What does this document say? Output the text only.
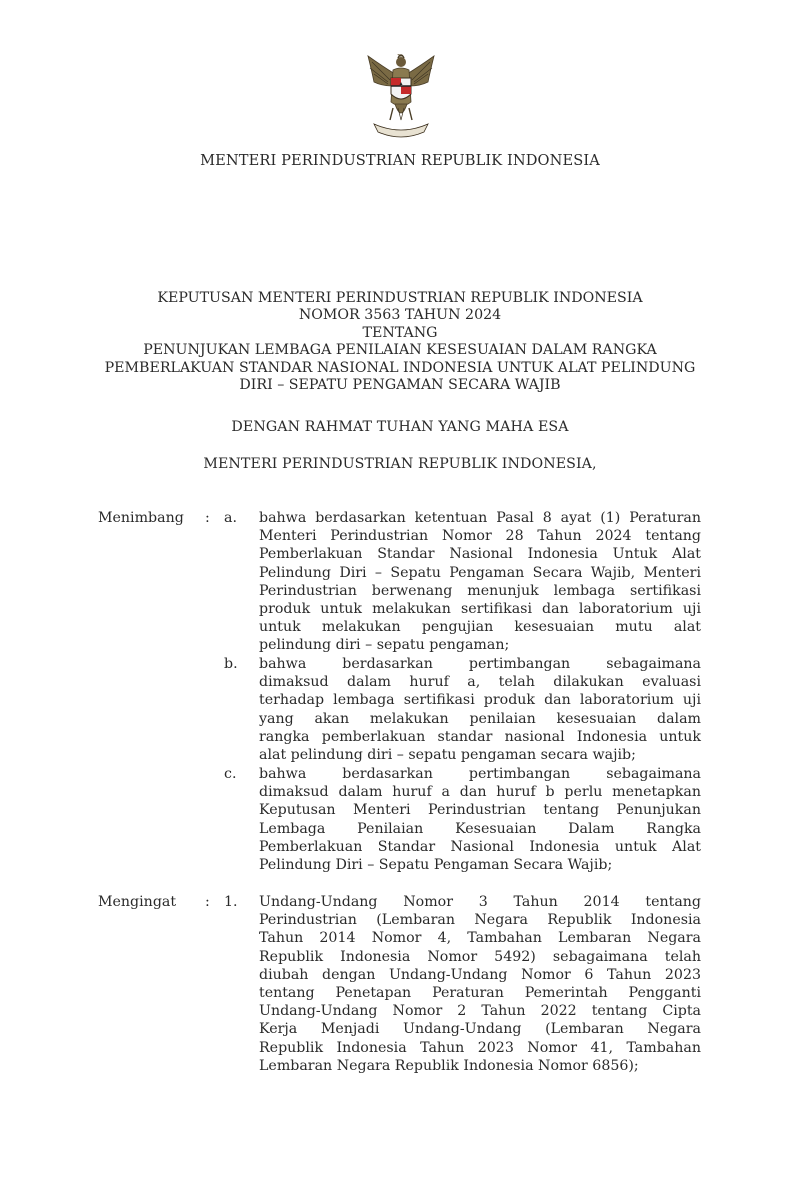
MENTERI PERINDUSTRIAN REPUBLIK INDONESIA
KEPUTUSAN MENTERI PERINDUSTRIAN REPUBLIK INDONESIA
NOMOR 3563 TAHUN 2024
TENTANG
PENUNJUKAN LEMBAGA PENILAIAN KESESUAIAN DALAM RANGKA
PEMBERLAKUAN STANDAR NASIONAL INDONESIA UNTUK ALAT PELINDUNG
DIRI – SEPATU PENGAMAN SECARA WAJIB
DENGAN RAHMAT TUHAN YANG MAHA ESA
MENTERI PERINDUSTRIAN REPUBLIK INDONESIA,
Menimbang : a.	bahwa berdasarkan ketentuan Pasal 8 ayat (1) Peraturan
Menteri Perindustrian Nomor 28 Tahun 2024 tentang
Pemberlakuan Standar Nasional Indonesia Untuk Alat
Pelindung Diri – Sepatu Pengaman Secara Wajib, Menteri
Perindustrian berwenang menunjuk lembaga sertifikasi
produk untuk melakukan sertifikasi dan laboratorium uji
untuk melakukan pengujian kesesuaian mutu alat
pelindung diri – sepatu pengaman;
b.	bahwa berdasarkan pertimbangan sebagaimana
dimaksud dalam huruf a, telah dilakukan evaluasi
terhadap lembaga sertifikasi produk dan laboratorium uji
yang akan melakukan penilaian kesesuaian dalam
rangka pemberlakuan standar nasional Indonesia untuk
alat pelindung diri – sepatu pengaman secara wajib;
c.	bahwa berdasarkan pertimbangan sebagaimana
dimaksud dalam huruf a dan huruf b perlu menetapkan
Keputusan Menteri Perindustrian tentang Penunjukan
Lembaga Penilaian Kesesuaian Dalam Rangka
Pemberlakuan Standar Nasional Indonesia untuk Alat
Pelindung Diri – Sepatu Pengaman Secara Wajib;
Mengingat : 1.	Undang-Undang Nomor 3 Tahun 2014 tentang
Perindustrian (Lembaran Negara Republik Indonesia
Tahun 2014 Nomor 4, Tambahan Lembaran Negara
Republik Indonesia Nomor 5492) sebagaimana telah
diubah dengan Undang-Undang Nomor 6 Tahun 2023
tentang Penetapan Peraturan Pemerintah Pengganti
Undang-Undang Nomor 2 Tahun 2022 tentang Cipta
Kerja Menjadi Undang-Undang (Lembaran Negara
Republik Indonesia Tahun 2023 Nomor 41, Tambahan
Lembaran Negara Republik Indonesia Nomor 6856);
